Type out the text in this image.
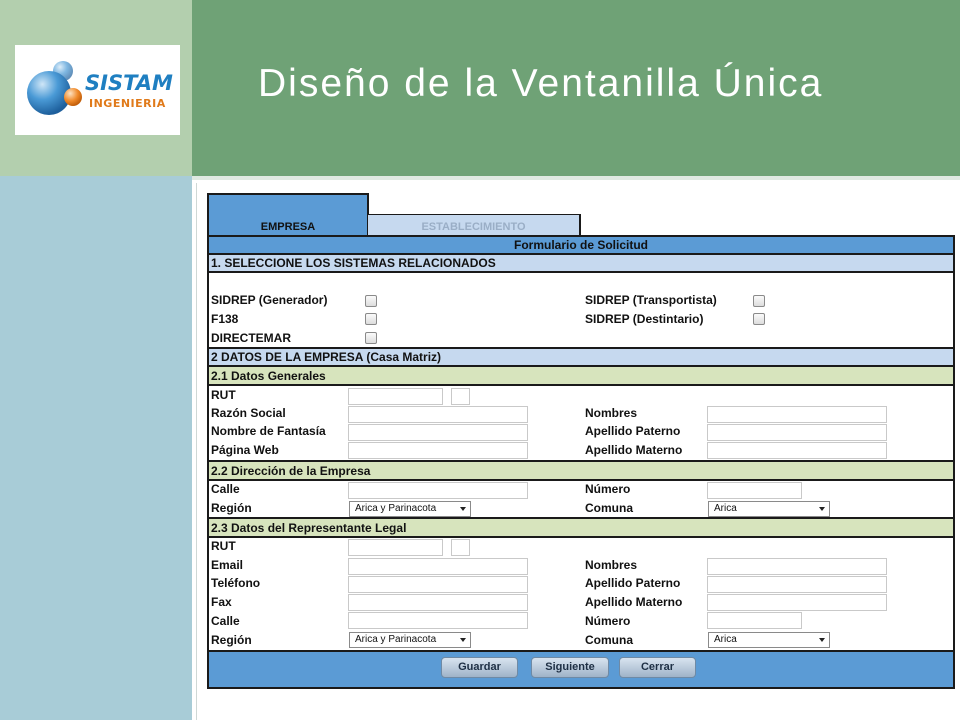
Diseño de la Ventanilla Única
SISTAM
INGENIERIA
EMPRESA	ESTABLECIMIENTO
Formulario de Solicitud
1. SELECCIONE LOS SISTEMAS RELACIONADOS
SIDREP (Generador)	SIDREP (Transportista)
F138	SIDREP (Destintario)
DIRECTEMAR
2 DATOS DE LA EMPRESA (Casa Matriz)
2.1 Datos Generales
RUT
Razón Social	Nombres
Nombre de Fantasía	Apellido Paterno
Página Web	Apellido Materno
2.2 Dirección de la Empresa
Calle	Número
Región	Arica y Parinacota	Comuna	Arica
2.3 Datos del Representante Legal
RUT
Email	Nombres
Teléfono	Apellido Paterno
Fax	Apellido Materno
Calle	Número
Región	Arica y Parinacota	Comuna	Arica
Guardar	Siguiente	Cerrar
